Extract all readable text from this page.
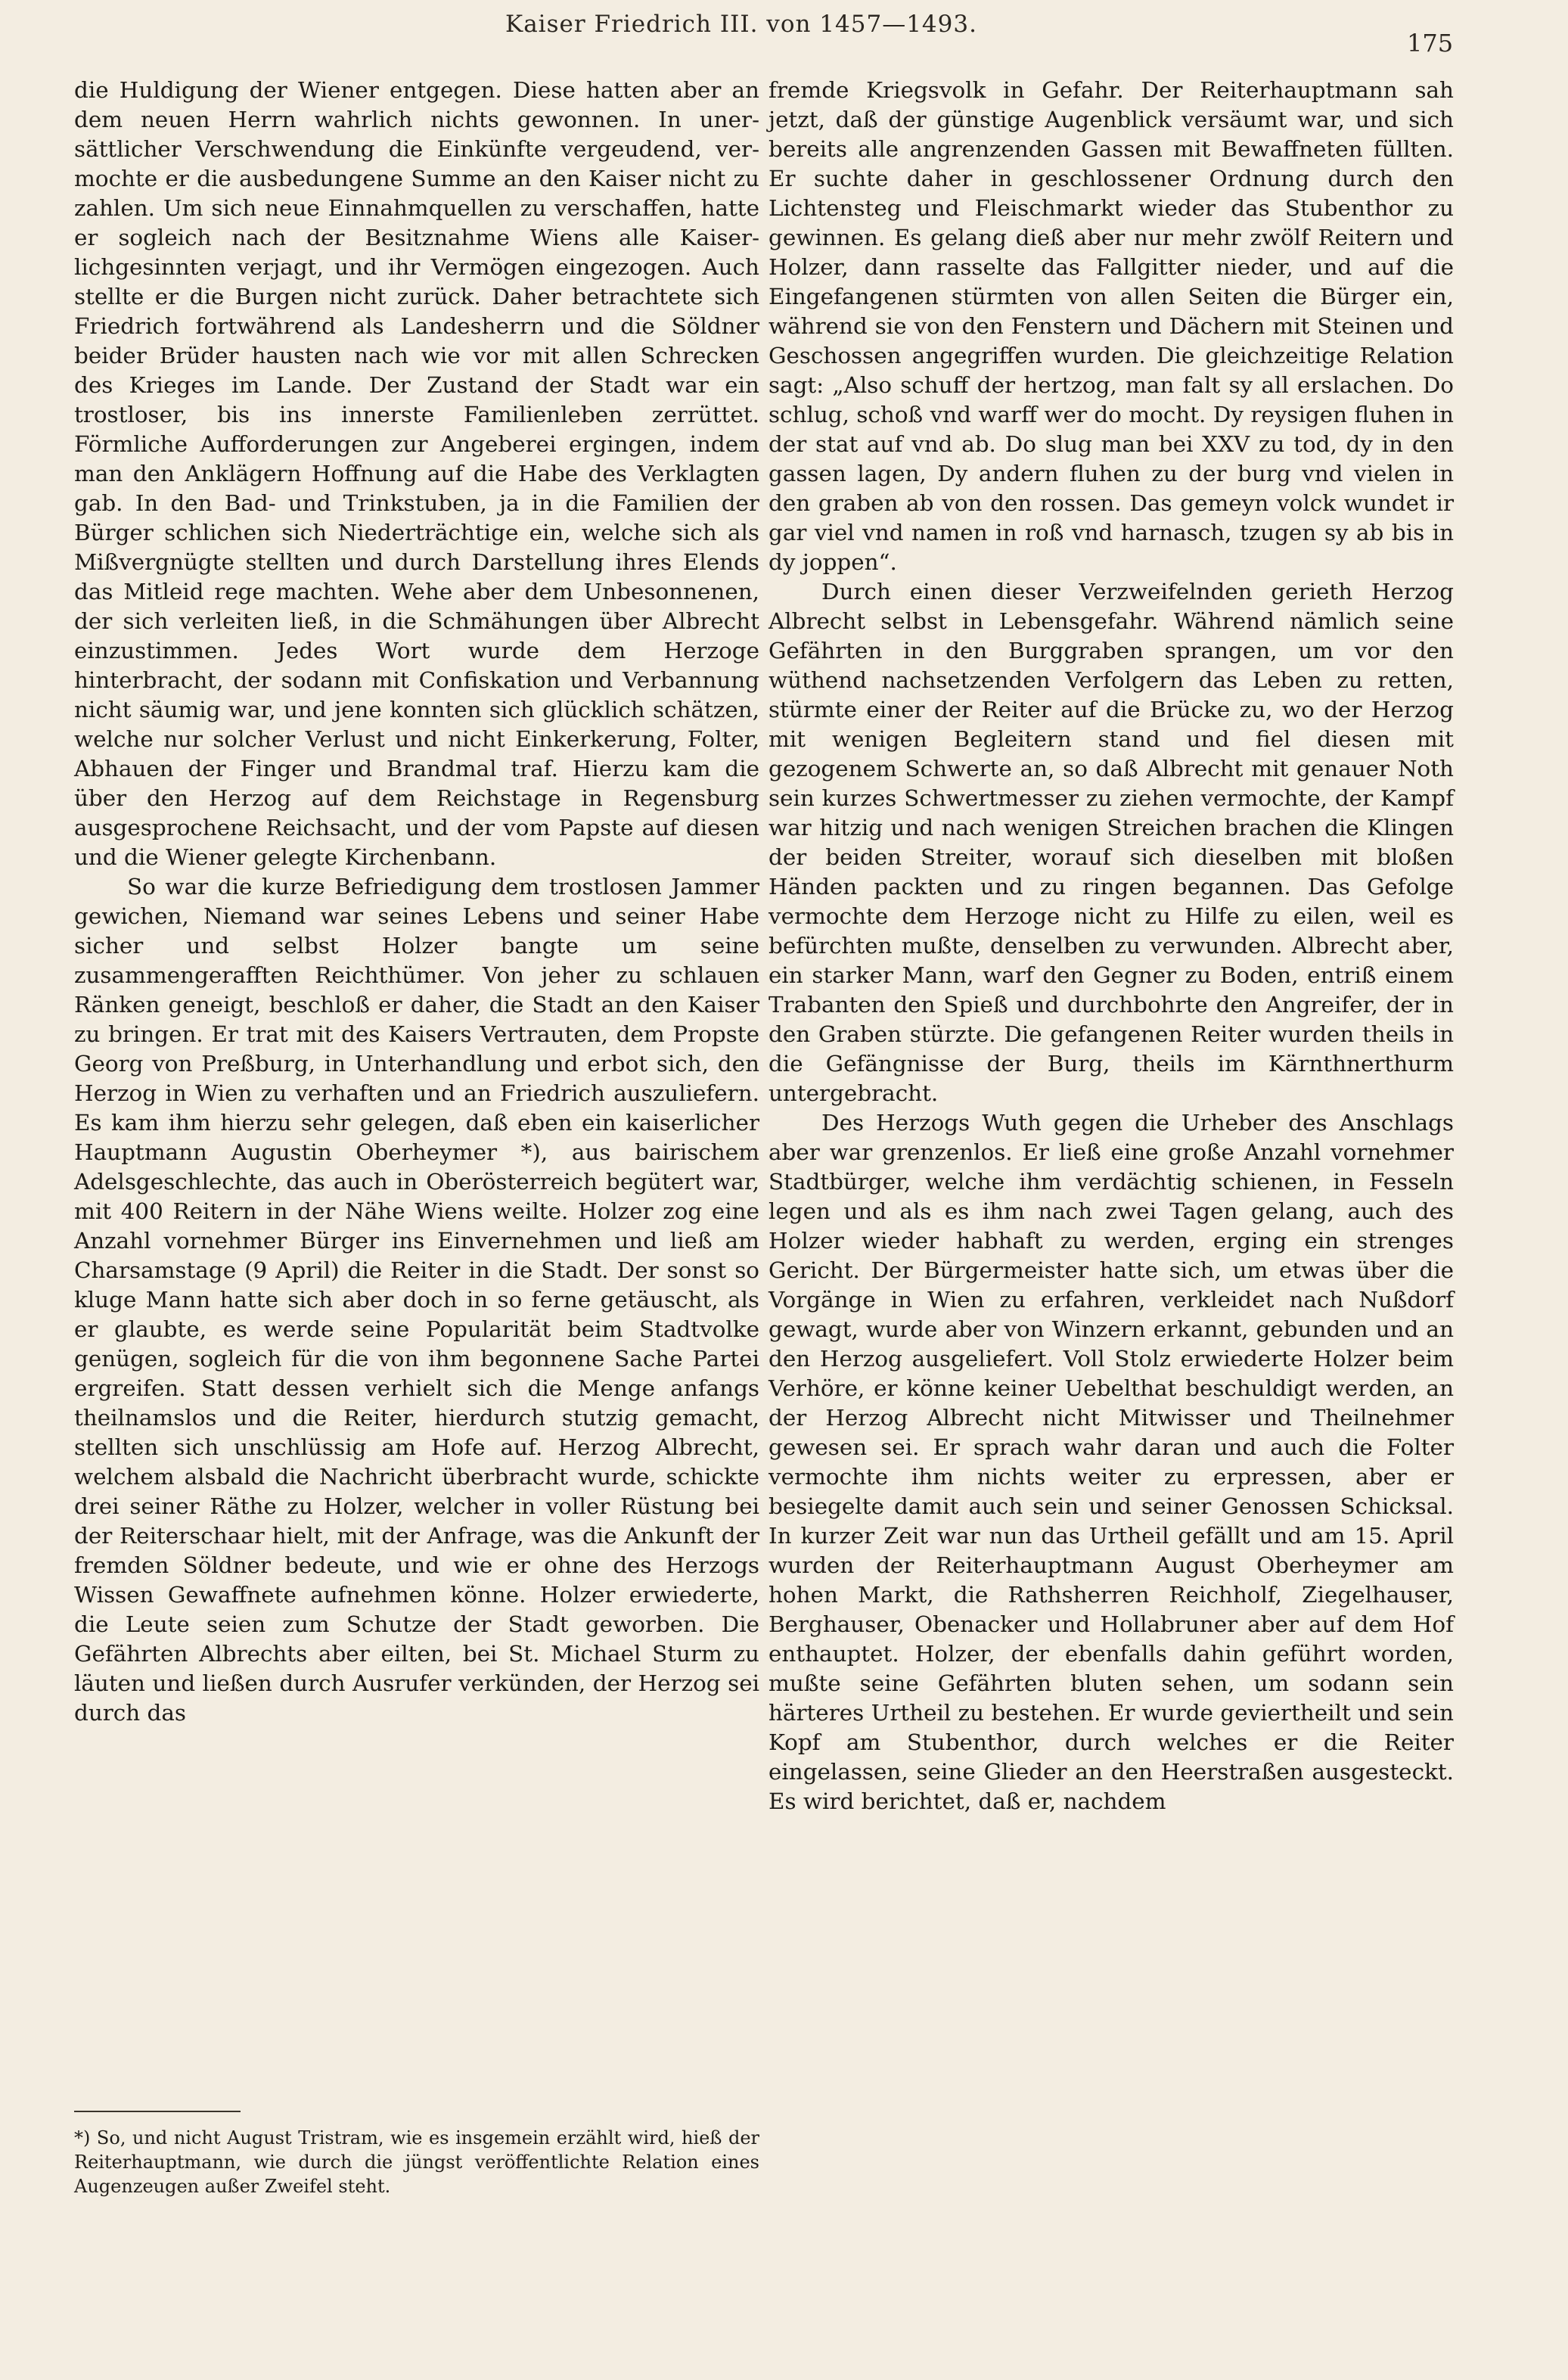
Kaiser Friedrich III. von 1457—1493.
175

die Huldigung der Wiener entgegen. Diese hatten aber an dem neuen Herrn wahrlich nichts gewonnen. In unersättlicher Verschwendung die Einkünfte vergeudend, vermochte er die ausbedungene Summe an den Kaiser nicht zu zahlen. Um sich neue Einnahmquellen zu verschaffen, hatte er sogleich nach der Besitznahme Wiens alle Kaiserlichgesinnten verjagt, und ihr Vermögen eingezogen. Auch stellte er die Burgen nicht zurück. Daher betrachtete sich Friedrich fortwährend als Landesherrn und die Söldner beider Brüder hausten nach wie vor mit allen Schrecken des Krieges im Lande. Der Zustand der Stadt war ein trostloser, bis ins innerste Familienleben zerrüttet. Förmliche Aufforderungen zur Angeberei ergingen, indem man den Anklägern Hoffnung auf die Habe des Verklagten gab. In den Bad- und Trinkstuben, ja in die Familien der Bürger schlichen sich Niederträchtige ein, welche sich als Mißvergnügte stellten und durch Darstellung ihres Elends das Mitleid rege machten. Wehe aber dem Unbesonnenen, der sich verleiten ließ, in die Schmähungen über Albrecht einzustimmen. Jedes Wort wurde dem Herzoge hinterbracht, der sodann mit Confiskation und Verbannung nicht säumig war, und jene konnten sich glücklich schätzen, welche nur solcher Verlust und nicht Einkerkerung, Folter, Abhauen der Finger und Brandmal traf. Hierzu kam die über den Herzog auf dem Reichstage in Regensburg ausgesprochene Reichsacht, und der vom Papste auf diesen und die Wiener gelegte Kirchenbann.

So war die kurze Befriedigung dem trostlosen Jammer gewichen, Niemand war seines Lebens und seiner Habe sicher und selbst Holzer bangte um seine zusammengerafften Reichthümer. Von jeher zu schlauen Ränken geneigt, beschloß er daher, die Stadt an den Kaiser zu bringen. Er trat mit des Kaisers Vertrauten, dem Propste Georg von Preßburg, in Unterhandlung und erbot sich, den Herzog in Wien zu verhaften und an Friedrich auszuliefern. Es kam ihm hierzu sehr gelegen, daß eben ein kaiserlicher Hauptmann Augustin Oberheymer *), aus bairischem Adelsgeschlechte, das auch in Oberösterreich begütert war, mit 400 Reitern in der Nähe Wiens weilte. Holzer zog eine Anzahl vornehmer Bürger ins Einvernehmen und ließ am Charsamstage (9 April) die Reiter in die Stadt. Der sonst so kluge Mann hatte sich aber doch in so ferne getäuscht, als er glaubte, es werde seine Popularität beim Stadtvolke genügen, sogleich für die von ihm begonnene Sache Partei ergreifen. Statt dessen verhielt sich die Menge anfangs theilnamslos und die Reiter, hierdurch stutzig gemacht, stellten sich unschlüssig am Hofe auf. Herzog Albrecht, welchem alsbald die Nachricht überbracht wurde, schickte drei seiner Räthe zu Holzer, welcher in voller Rüstung bei der Reiterschaar hielt, mit der Anfrage, was die Ankunft der fremden Söldner bedeute, und wie er ohne des Herzogs Wissen Gewaffnete aufnehmen könne. Holzer erwiederte, die Leute seien zum Schutze der Stadt geworben. Die Gefährten Albrechts aber eilten, bei St. Michael Sturm zu läuten und ließen durch Ausrufer verkünden, der Herzog sei durch das

*) So, und nicht August Tristram, wie es insgemein erzählt wird, hieß der Reiterhauptmann, wie durch die jüngst veröffentlichte Relation eines Augenzeugen außer Zweifel steht.

fremde Kriegsvolk in Gefahr. Der Reiterhauptmann sah jetzt, daß der günstige Augenblick versäumt war, und sich bereits alle angrenzenden Gassen mit Bewaffneten füllten. Er suchte daher in geschlossener Ordnung durch den Lichtensteg und Fleischmarkt wieder das Stubenthor zu gewinnen. Es gelang dieß aber nur mehr zwölf Reitern und Holzer, dann rasselte das Fallgitter nieder, und auf die Eingefangenen stürmten von allen Seiten die Bürger ein, während sie von den Fenstern und Dächern mit Steinen und Geschossen angegriffen wurden. Die gleichzeitige Relation sagt: „Also schuff der hertzog, man falt sy all erslachen. Do schlug, schoß vnd warff wer do mocht. Dy reysigen fluhen in der stat auf vnd ab. Do slug man bei XXV zu tod, dy in den gassen lagen, Dy andern fluhen zu der burg vnd vielen in den graben ab von den rossen. Das gemeyn volck wundet ir gar viel vnd namen in roß vnd harnasch, tzugen sy ab bis in dy joppen“.

Durch einen dieser Verzweifelnden gerieth Herzog Albrecht selbst in Lebensgefahr. Während nämlich seine Gefährten in den Burggraben sprangen, um vor den wüthend nachsetzenden Verfolgern das Leben zu retten, stürmte einer der Reiter auf die Brücke zu, wo der Herzog mit wenigen Begleitern stand und fiel diesen mit gezogenem Schwerte an, so daß Albrecht mit genauer Noth sein kurzes Schwertmesser zu ziehen vermochte, der Kampf war hitzig und nach wenigen Streichen brachen die Klingen der beiden Streiter, worauf sich dieselben mit bloßen Händen packten und zu ringen begannen. Das Gefolge vermochte dem Herzoge nicht zu Hilfe zu eilen, weil es befürchten mußte, denselben zu verwunden. Albrecht aber, ein starker Mann, warf den Gegner zu Boden, entriß einem Trabanten den Spieß und durchbohrte den Angreifer, der in den Graben stürzte. Die gefangenen Reiter wurden theils in die Gefängnisse der Burg, theils im Kärnthnerthurm untergebracht.

Des Herzogs Wuth gegen die Urheber des Anschlags aber war grenzenlos. Er ließ eine große Anzahl vornehmer Stadtbürger, welche ihm verdächtig schienen, in Fesseln legen und als es ihm nach zwei Tagen gelang, auch des Holzer wieder habhaft zu werden, erging ein strenges Gericht. Der Bürgermeister hatte sich, um etwas über die Vorgänge in Wien zu erfahren, verkleidet nach Nußdorf gewagt, wurde aber von Winzern erkannt, gebunden und an den Herzog ausgeliefert. Voll Stolz erwiederte Holzer beim Verhöre, er könne keiner Uebelthat beschuldigt werden, an der Herzog Albrecht nicht Mitwisser und Theilnehmer gewesen sei. Er sprach wahr daran und auch die Folter vermochte ihm nichts weiter zu erpressen, aber er besiegelte damit auch sein und seiner Genossen Schicksal. In kurzer Zeit war nun das Urtheil gefällt und am 15. April wurden der Reiterhauptmann August Oberheymer am hohen Markt, die Rathsherren Reichholf, Ziegelhauser, Berghauser, Obenacker und Hollabruner aber auf dem Hof enthauptet. Holzer, der ebenfalls dahin geführt worden, mußte seine Gefährten bluten sehen, um sodann sein härteres Urtheil zu bestehen. Er wurde geviertheilt und sein Kopf am Stubenthor, durch welches er die Reiter eingelassen, seine Glieder an den Heerstraßen ausgesteckt. Es wird berichtet, daß er, nachdem
